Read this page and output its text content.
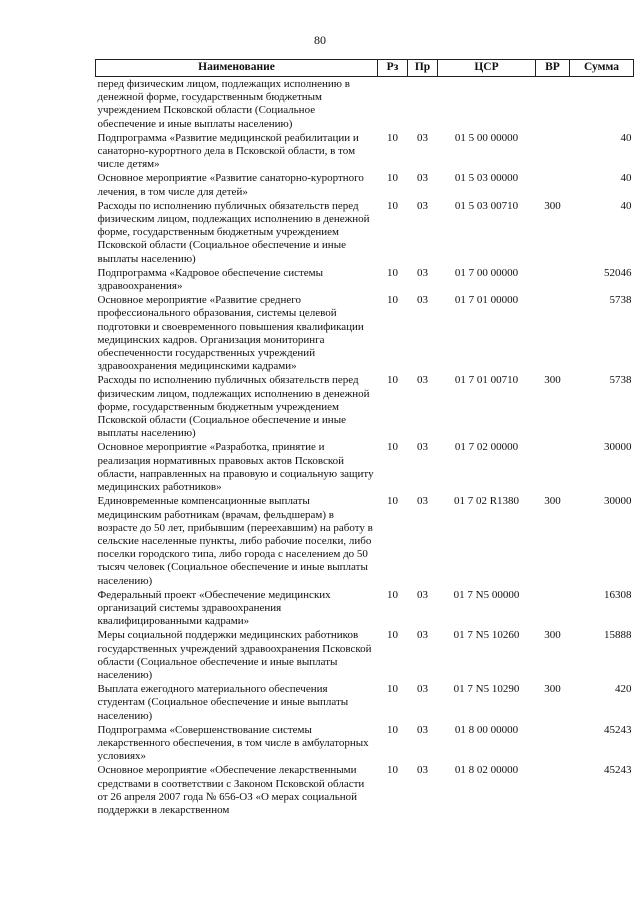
80
Наименование	Рз	Пр	ЦСР	ВР	Сумма
перед физическим лицом, подлежащих исполнению в денежной форме, государственным бюджетным учреждением Псковской области (Социальное обеспечение и иные выплаты населению)					
Подпрограмма «Развитие медицинской реабилитации и санаторно-курортного дела в Псковской области, в том числе детям»	10	03	01 5 00 00000		40
Основное мероприятие «Развитие санаторно-курортного лечения, в том числе для детей»	10	03	01 5 03 00000		40
Расходы по исполнению публичных обязательств перед физическим лицом, подлежащих исполнению в денежной форме, государственным бюджетным учреждением Псковской области (Социальное обеспечение и иные выплаты населению)	10	03	01 5 03 00710	300	40
Подпрограмма «Кадровое обеспечение системы здравоохранения»	10	03	01 7 00 00000		52046
Основное мероприятие «Развитие среднего профессионального образования, системы целевой подготовки и своевременного повышения квалификации медицинских кадров. Организация мониторинга обеспеченности государственных учреждений здравоохранения медицинскими кадрами»	10	03	01 7 01 00000		5738
Расходы по исполнению публичных обязательств перед физическим лицом, подлежащих исполнению в денежной форме, государственным бюджетным учреждением Псковской области (Социальное обеспечение и иные выплаты населению)	10	03	01 7 01 00710	300	5738
Основное мероприятие «Разработка, принятие и реализация нормативных правовых актов Псковской области, направленных на правовую и социальную защиту медицинских работников»	10	03	01 7 02 00000		30000
Единовременные компенсационные выплаты медицинским работникам (врачам, фельдшерам) в возрасте до 50 лет, прибывшим (переехавшим) на работу в сельские населенные пункты, либо рабочие поселки, либо поселки городского типа, либо города с населением до 50 тысяч человек (Социальное обеспечение и иные выплаты населению)	10	03	01 7 02 R1380	300	30000
Федеральный проект «Обеспечение медицинских организаций системы здравоохранения квалифицированными кадрами»	10	03	01 7 N5 00000		16308
Меры социальной поддержки медицинских работников государственных учреждений здравоохранения Псковской области (Социальное обеспечение и иные выплаты населению)	10	03	01 7 N5 10260	300	15888
Выплата ежегодного материального обеспечения студентам (Социальное обеспечение и иные выплаты населению)	10	03	01 7 N5 10290	300	420
Подпрограмма «Совершенствование системы лекарственного обеспечения, в том числе в амбулаторных условиях»	10	03	01 8 00 00000		45243
Основное мероприятие «Обеспечение лекарственными средствами в соответствии с Законом Псковской области от 26 апреля 2007 года № 656-ОЗ «О мерах социальной поддержки в лекарственном	10	03	01 8 02 00000		45243
